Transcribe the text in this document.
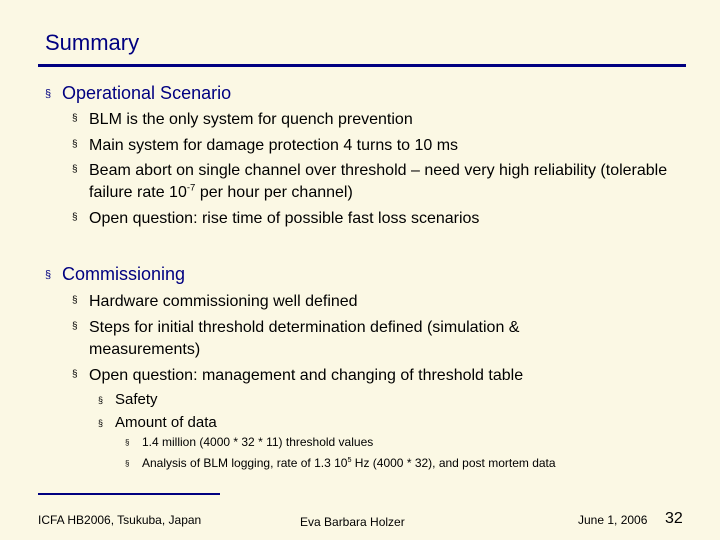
Summary
§ Operational Scenario
§ BLM is the only system for quench prevention
§ Main system for damage protection 4 turns to 10 ms
§ Beam abort on single channel over threshold – need very high reliability (tolerable failure rate $10^{-7}$ per hour per channel)
§ Open question: rise time of possible fast loss scenarios
§ Commissioning
§ Hardware commissioning well defined
§ Steps for initial threshold determination defined (simulation & measurements)
§ Open question: management and changing of threshold table
§ Safety
§ Amount of data
§	1.4 million (4000 * 32 * 11) threshold values
§	Analysis of BLM logging, rate of 1.3 $10^5$ Hz (4000 * 32), and post mortem data
ICFA HB2006, Tsukuba, Japan	Eva Barbara Holzer	June 1, 2006 32
